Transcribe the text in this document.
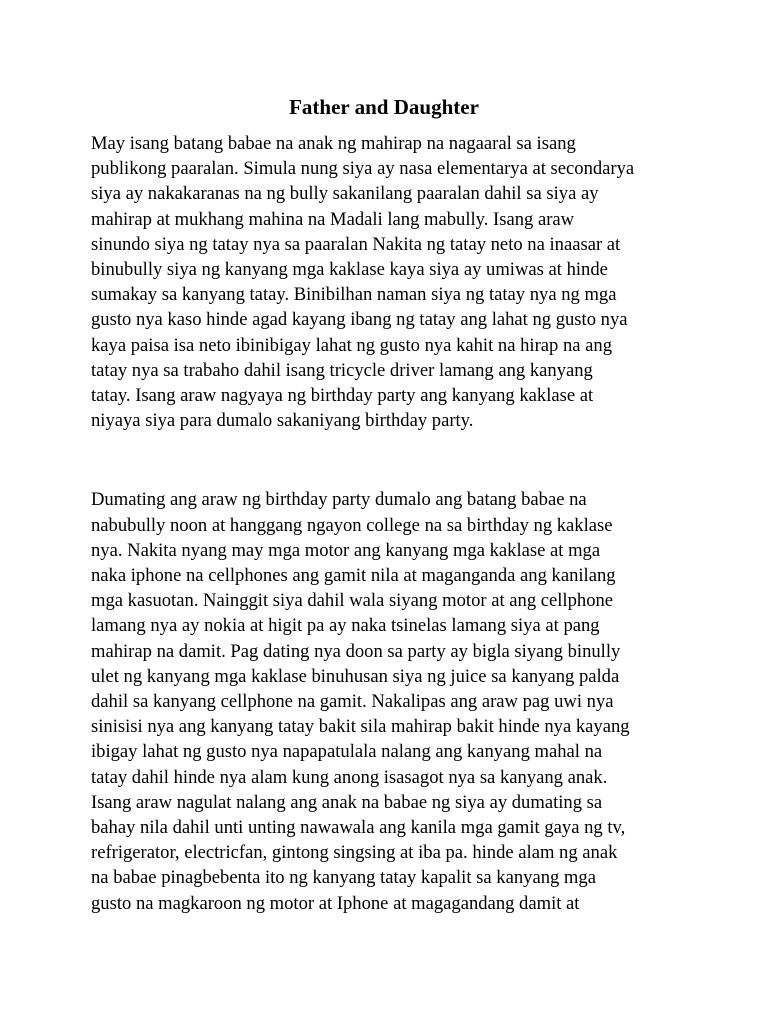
Father and Daughter

May isang batang babae na anak ng mahirap na nagaaral sa isang
publikong paaralan. Simula nung siya ay nasa elementarya at secondarya
siya ay nakakaranas na ng bully sakanilang paaralan dahil sa siya ay
mahirap at mukhang mahina na Madali lang mabully. Isang araw
sinundo siya ng tatay nya sa paaralan Nakita ng tatay neto na inaasar at
binubully siya ng kanyang mga kaklase kaya siya ay umiwas at hinde
sumakay sa kanyang tatay. Binibilhan naman siya ng tatay nya ng mga
gusto nya kaso hinde agad kayang ibang ng tatay ang lahat ng gusto nya
kaya paisa isa neto ibinibigay lahat ng gusto nya kahit na hirap na ang
tatay nya sa trabaho dahil isang tricycle driver lamang ang kanyang
tatay. Isang araw nagyaya ng birthday party ang kanyang kaklase at
niyaya siya para dumalo sakaniyang birthday party.

Dumating ang araw ng birthday party dumalo ang batang babae na
nabubully noon at hanggang ngayon college na sa birthday ng kaklase
nya. Nakita nyang may mga motor ang kanyang mga kaklase at mga
naka iphone na cellphones ang gamit nila at maganganda ang kanilang
mga kasuotan. Nainggit siya dahil wala siyang motor at ang cellphone
lamang nya ay nokia at higit pa ay naka tsinelas lamang siya at pang
mahirap na damit. Pag dating nya doon sa party ay bigla siyang binully
ulet ng kanyang mga kaklase binuhusan siya ng juice sa kanyang palda
dahil sa kanyang cellphone na gamit. Nakalipas ang araw pag uwi nya
sinisisi nya ang kanyang tatay bakit sila mahirap bakit hinde nya kayang
ibigay lahat ng gusto nya napapatulala nalang ang kanyang mahal na
tatay dahil hinde nya alam kung anong isasagot nya sa kanyang anak.
Isang araw nagulat nalang ang anak na babae ng siya ay dumating sa
bahay nila dahil unti unting nawawala ang kanila mga gamit gaya ng tv,
refrigerator, electricfan, gintong singsing at iba pa. hinde alam ng anak
na babae pinagbebenta ito ng kanyang tatay kapalit sa kanyang mga
gusto na magkaroon ng motor at Iphone at magagandang damit at
